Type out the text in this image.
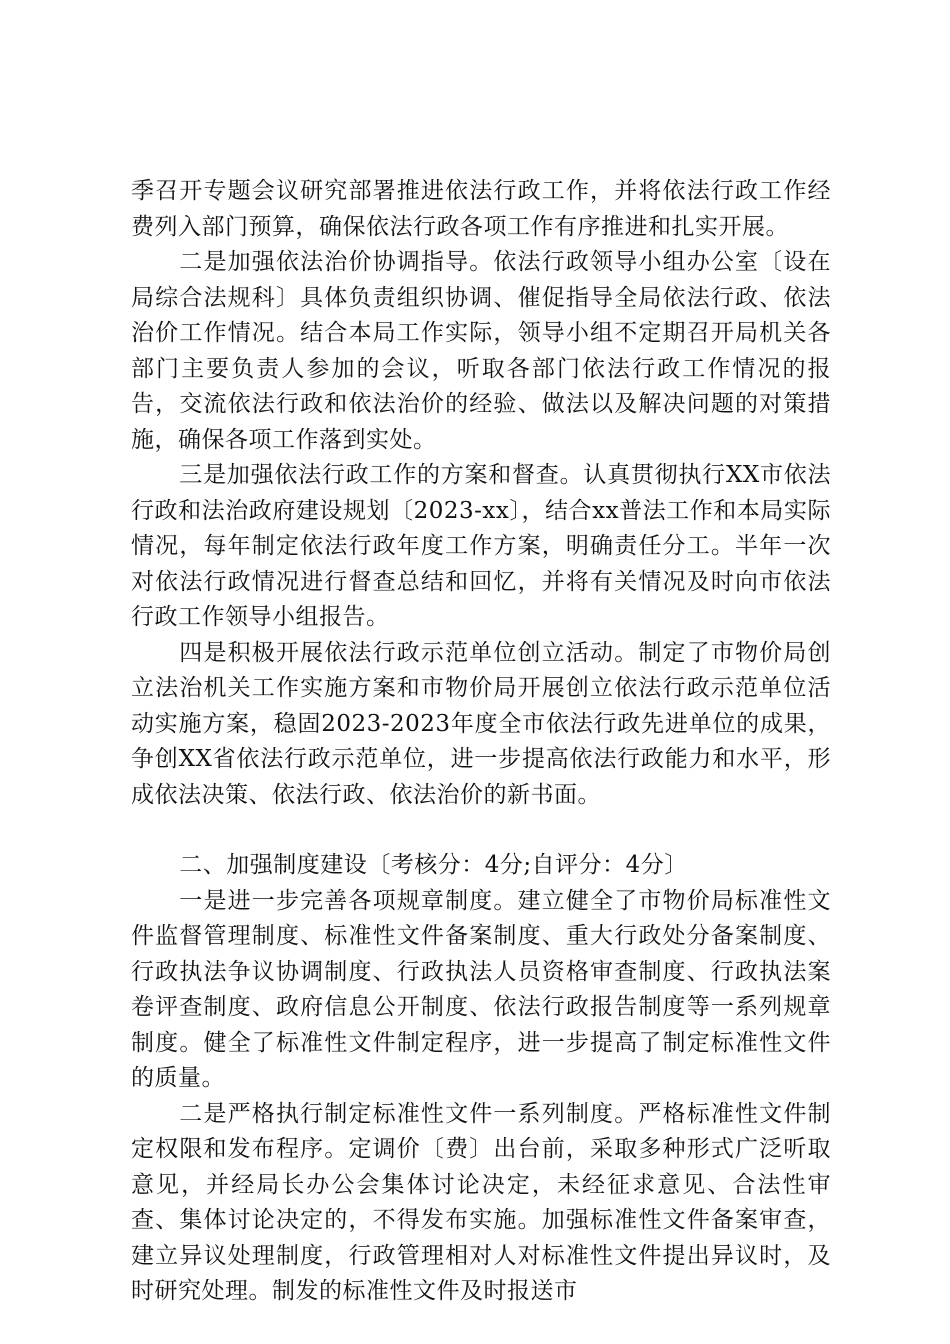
季召开专题会议研究部署推进依法行政工作，并将依法行政工作经费列入部门预算，确保依法行政各项工作有序推进和扎实开展。

二是加强依法治价协调指导。依法行政领导小组办公室〔设在局综合法规科〕具体负责组织协调、催促指导全局依法行政、依法治价工作情况。结合本局工作实际，领导小组不定期召开局机关各部门主要负责人参加的会议，听取各部门依法行政工作情况的报告，交流依法行政和依法治价的经验、做法以及解决问题的对策措施，确保各项工作落到实处。

三是加强依法行政工作的方案和督查。认真贯彻执行XX市依法行政和法治政府建设规划〔2023-xx〕，结合xx普法工作和本局实际情况，每年制定依法行政年度工作方案，明确责任分工。半年一次对依法行政情况进行督查总结和回忆，并将有关情况及时向市依法行政工作领导小组报告。

四是积极开展依法行政示范单位创立活动。制定了市物价局创立法治机关工作实施方案和市物价局开展创立依法行政示范单位活动实施方案，稳固2023-2023年度全市依法行政先进单位的成果，争创XX省依法行政示范单位，进一步提高依法行政能力和水平，形成依法决策、依法行政、依法治价的新书面。

二、加强制度建设〔考核分：4分;自评分：4分〕

一是进一步完善各项规章制度。建立健全了市物价局标准性文件监督管理制度、标准性文件备案制度、重大行政处分备案制度、行政执法争议协调制度、行政执法人员资格审查制度、行政执法案卷评查制度、政府信息公开制度、依法行政报告制度等一系列规章制度。健全了标准性文件制定程序，进一步提高了制定标准性文件的质量。

二是严格执行制定标准性文件一系列制度。严格标准性文件制定权限和发布程序。定调价〔费〕出台前，采取多种形式广泛听取意见，并经局长办公会集体讨论决定，未经征求意见、合法性审查、集体讨论决定的，不得发布实施。加强标准性文件备案审查，建立异议处理制度，行政管理相对人对标准性文件提出异议时，及时研究处理。制发的标准性文件及时报送市
